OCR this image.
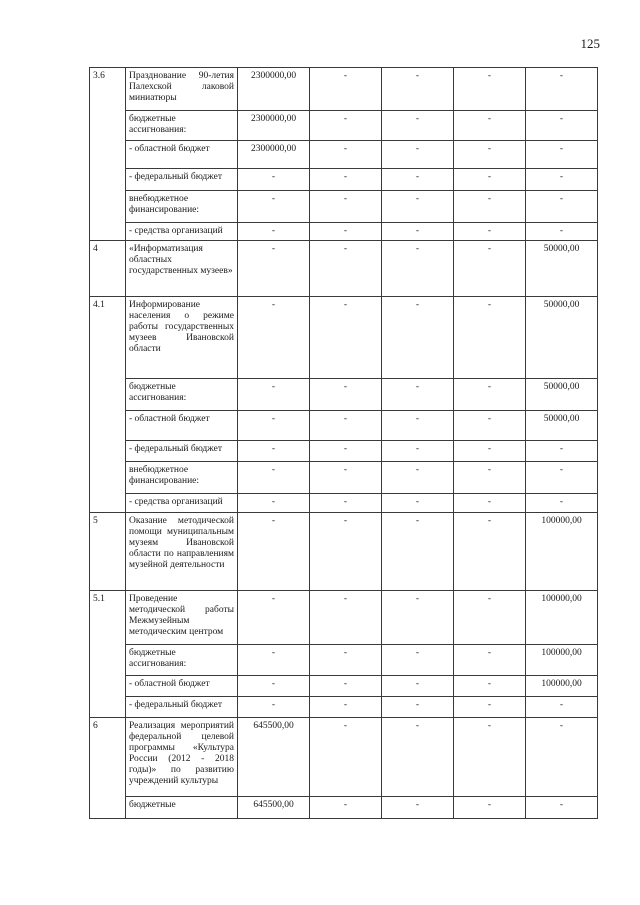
125
3.6	Празднование 90-летия Палехской лаковой миниатюры	2300000,00	-	-	-	-
	бюджетные ассигнования:	2300000,00	-	-	-	-
	- областной бюджет	2300000,00	-	-	-	-
	- федеральный бюджет	-	-	-	-	-
	внебюджетное финансирование:	-	-	-	-	-
	- средства организаций	-	-	-	-	-
4	«Информатизация областных государственных музеев»	-	-	-	-	50000,00
4.1	Информирование населения о режиме работы государственных музеев Ивановской области	-	-	-	-	50000,00
	бюджетные ассигнования:	-	-	-	-	50000,00
	- областной бюджет	-	-	-	-	50000,00
	- федеральный бюджет	-	-	-	-	-
	внебюджетное финансирование:	-	-	-	-	-
	- средства организаций	-	-	-	-	-
5	Оказание методической помощи муниципальным музеям Ивановской области по направлениям музейной деятельности	-	-	-	-	100000,00
5.1	Проведение методической работы Межмузейным методическим центром	-	-	-	-	100000,00
	бюджетные ассигнования:	-	-	-	-	100000,00
	- областной бюджет	-	-	-	-	100000,00
	- федеральный бюджет	-	-	-	-	-
6	Реализация мероприятий федеральной целевой программы «Культура России (2012 - 2018 годы)» по развитию учреждений культуры	645500,00	-	-	-	-
	бюджетные	645500,00	-	-	-	-
